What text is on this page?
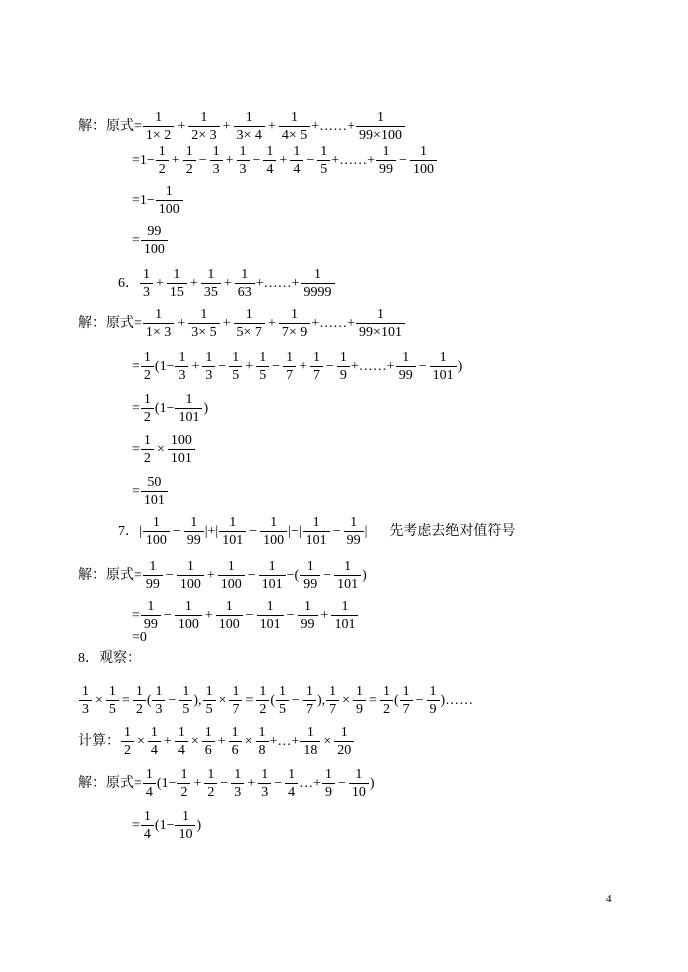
解：原式= $\frac{1}{1\times 2} + \frac{1}{2\times 3} + \frac{1}{3\times 4} + \frac{1}{4\times 5}$ +……+ $\frac{1}{99\times 100}$
$=1- \frac{1}{2} + \frac{1}{2} - \frac{1}{3} + \frac{1}{3} - \frac{1}{4} + \frac{1}{4} - \frac{1}{5}$ +……+ $\frac{1}{99} - \frac{1}{100}$
$=1- \frac{1}{100}$
= $\frac{99}{100}$
6． $\frac{1}{3} + \frac{1}{15} + \frac{1}{35} + \frac{1}{63}$ +……+ $\frac{1}{9999}$
解：原式= $\frac{1}{1\times 3} + \frac{1}{3\times 5} + \frac{1}{5\times 7} + \frac{1}{7\times 9}$ +……+ $\frac{1}{99\times 101}$
= $\frac{1}{2} (1- \frac{1}{3} + \frac{1}{3} - \frac{1}{5} + \frac{1}{5} - \frac{1}{7} + \frac{1}{7} - \frac{1}{9}$ +……+ $\frac{1}{99} - \frac{1}{101}$ )
= $\frac{1}{2} (1- \frac{1}{101}$ )
= $\frac{1}{2} \times \frac{100}{101}$
= $\frac{50}{101}$
7．| $\frac{1}{100} - \frac{1}{99}$ |+| $\frac{1}{101} - \frac{1}{100}$ |−| $\frac{1}{101} - \frac{1}{99}$ | 先考虑去绝对值符号
解：原式= $\frac{1}{99} - \frac{1}{100} + \frac{1}{100} - \frac{1}{101}$ −( $\frac{1}{99} - \frac{1}{101}$ )
= $\frac{1}{99} - \frac{1}{100} + \frac{1}{100} - \frac{1}{101} - \frac{1}{99} + \frac{1}{101}$
=0
8．观察：
$\frac{1}{3} \times \frac{1}{5} = \frac{1}{2}$ ( $\frac{1}{3} - \frac{1}{5}$ ), $\frac{1}{5} \times \frac{1}{7} = \frac{1}{2}$ ( $\frac{1}{5} - \frac{1}{7}$ ), $\frac{1}{7} \times \frac{1}{9} = \frac{1}{2}$ ( $\frac{1}{7} - \frac{1}{9}$ )……
计算： $\frac{1}{2} \times \frac{1}{4} + \frac{1}{4} \times \frac{1}{6} + \frac{1}{6} \times \frac{1}{8}$ +…+ $\frac{1}{18} \times \frac{1}{20}$
解：原式= $\frac{1}{4} (1- \frac{1}{2} + \frac{1}{2} - \frac{1}{3} + \frac{1}{3} - \frac{1}{4}$ …+ $\frac{1}{9} - \frac{1}{10}$ )
= $\frac{1}{4} (1- \frac{1}{10}$ )
4
